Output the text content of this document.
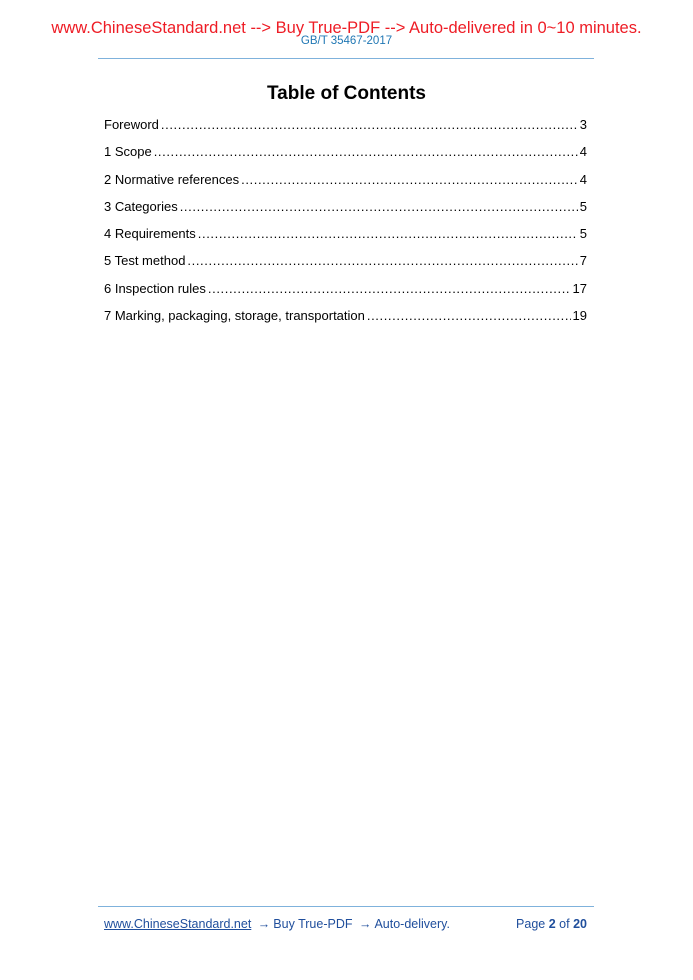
www.ChineseStandard.net --> Buy True-PDF --> Auto-delivered in 0~10 minutes.
GB/T 35467-2017
Table of Contents
Foreword .....	3
1 Scope .....	4
2 Normative references .....	4
3 Categories .....	5
4 Requirements .....	5
5 Test method .....	7
6 Inspection rules .....	17
7 Marking, packaging, storage, transportation .....	19
www.ChineseStandard.net → Buy True-PDF → Auto-delivery.	Page 2 of 20
